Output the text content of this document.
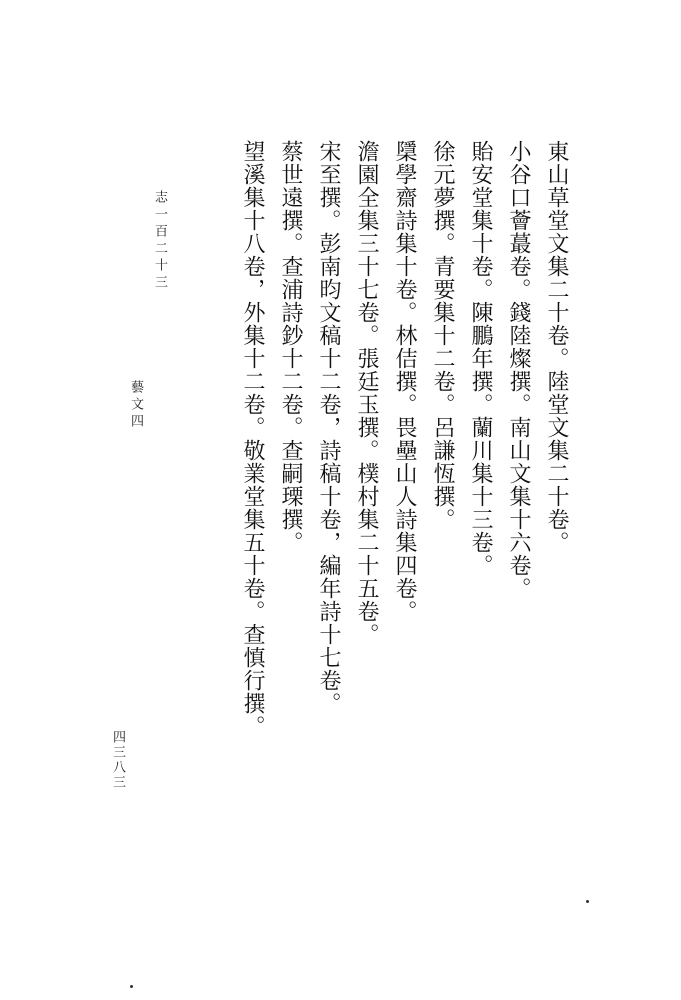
東山草堂文集二十卷。陸堂文集二十卷。
小谷口薈蕞卷。錢陸燦撰。南山文集十六卷。
貽安堂集十卷。陳鵬年撰。蘭川集十三卷。
徐元夢撰。青要集十二卷。呂謙恆撰。
檃學齋詩集十卷。林佶撰。畏壘山人詩集四卷。
澹園全集三十七卷。張廷玉撰。樸村集二十五卷。
宋至撰。彭南昀文稿十二卷，詩稿十卷，編年詩十七卷。
蔡世遠撰。查浦詩鈔十二卷。查嗣瑮撰。
望溪集十八卷，外集十二卷。敬業堂集五十卷。查慎行撰。
志一百二十三
藝文四
四三八三
